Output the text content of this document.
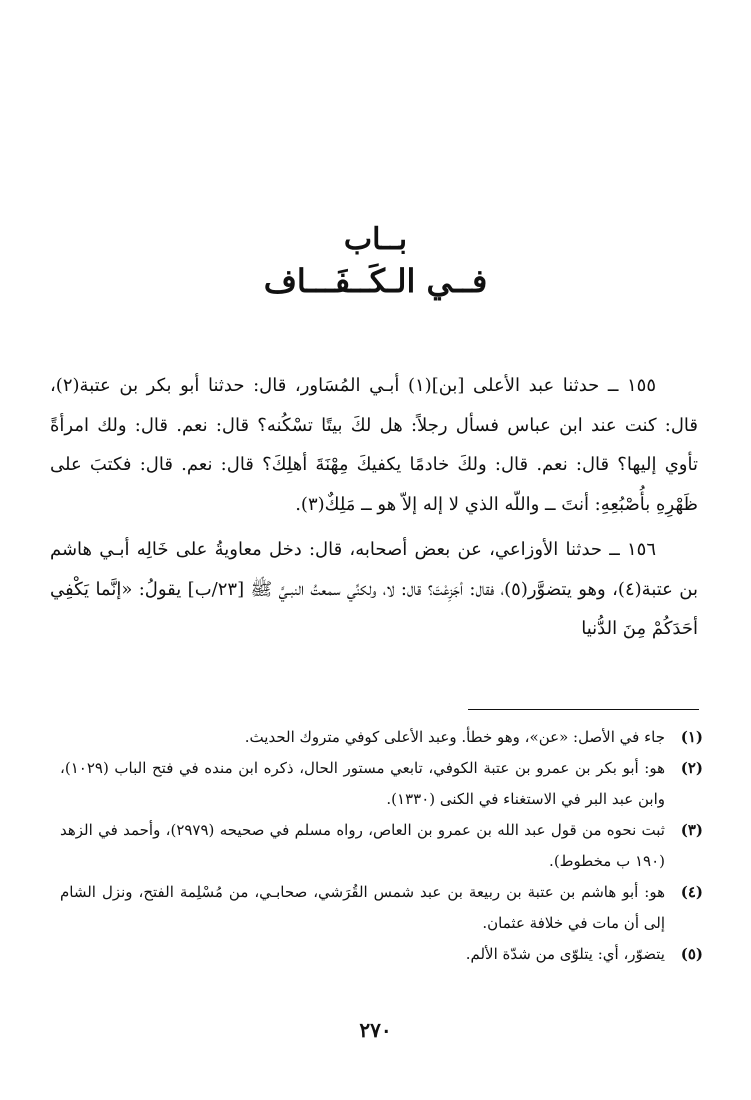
بــاب
فــي الـكَــفَـــاف

١٥٥ ــ حدثنا عبد الأعلى [بن](١) أبـي المُسَاور، قال: حدثنا أبو بكر بن عتبة(٢)، قال: كنت عند ابن عباس فسأل رجلاً: هل لكَ بيتًا تسْكُنه؟ قال: نعم. قال: ولك امرأةً تأوي إليها؟ قال: نعم. قال: ولكَ خادمًا يكفيكَ مِهْنَةَ أهلِكَ؟ قال: نعم. قال: فكتبَ على ظَهْرِهِ بأُصْبُعِهِ: أنتَ ــ واللّه الذي لا إله إلاّ هو ــ مَلِكٌ(٣).

١٥٦ ــ حدثنا الأوزاعي، عن بعض أصحابه، قال: دخل معاويةُ على خَالِه أبـي هاشم بن عتبة(٤)، وهو يتضوَّر(٥)، فقال: أجَزِعْتَ؟ قال: لا، ولكنِّي سمعتُ النبـيَّ ﷺ [٢٣/ب] يقولُ: «إنَّما يَكْفِي أحَدَكُمْ مِنَ الدُّنيا

(١)
جاء في الأصل: «عن»، وهو خطأ. وعبد الأعلى كوفي متروك الحديث.
(٢)
هو: أبو بكر بن عمرو بن عتبة الكوفي، تابعي مستور الحال، ذكره ابن منده في فتح الباب (١٠٢٩)، وابن عبد البر في الاستغناء في الكنى (١٣٣٠).
(٣)
ثبت نحوه من قول عبد الله بن عمرو بن العاص، رواه مسلم في صحيحه (٢٩٧٩)، وأحمد في الزهد (١٩٠ ب مخطوط).
(٤)
هو: أبو هاشم بن عتبة بن ربيعة بن عبد شمس القُرَشي، صحابـي، من مُسْلِمة الفتح، ونزل الشام إلى أن مات في خلافة عثمان.
(٥)
يتضوّر، أي: يتلوّى من شدّة الألم.
٢٧٠
